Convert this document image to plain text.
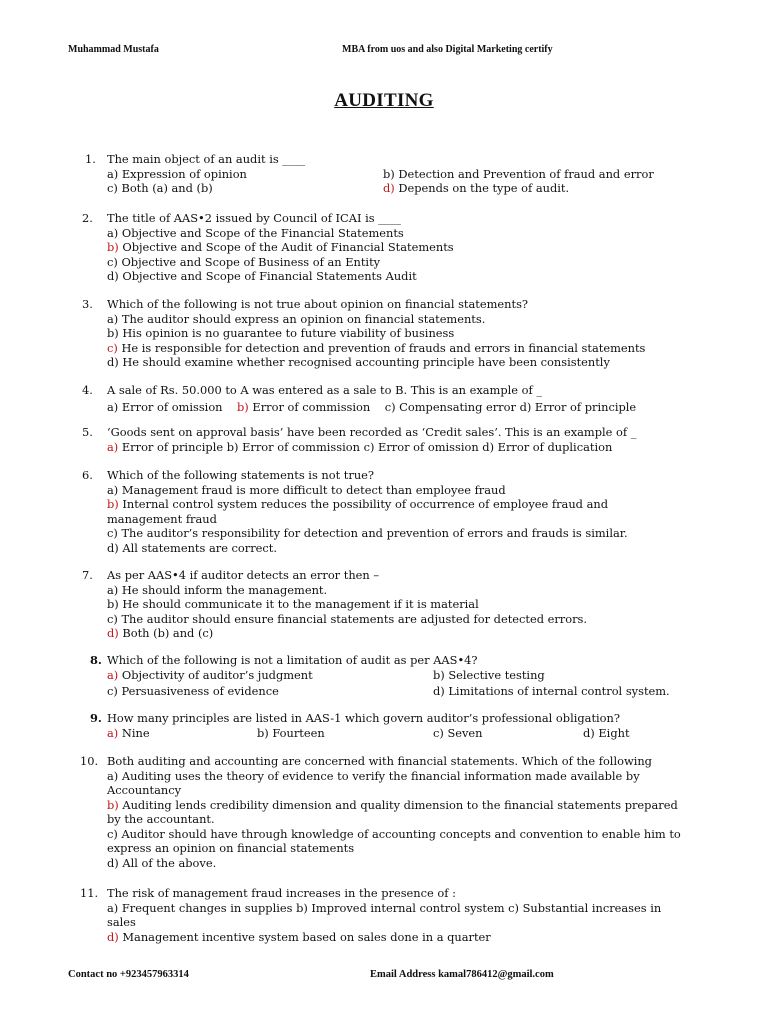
Muhammad Mustafa	MBA from uos and also Digital Marketing certify
AUDITING
1. The main object of an audit is ____
a) Expression of opinion	b) Detection and Prevention of fraud and error
c) Both (a) and (b)	d) Depends on the type of audit.
2. The title of AAS•2 issued by Council of ICAI is ____
a) Objective and Scope of the Financial Statements
b) Objective and Scope of the Audit of Financial Statements
c) Objective and Scope of Business of an Entity
d) Objective and Scope of Financial Statements Audit
3. Which of the following is not true about opinion on financial statements?
a) The auditor should express an opinion on financial statements.
b) His opinion is no guarantee to future viability of business
c) He is responsible for detection and prevention of frauds and errors in financial statements
d) He should examine whether recognised accounting principle have been consistently
4. A sale of Rs. 50.000 to A was entered as a sale to B. This is an example of _
a) Error of omission b) Error of commission c) Compensating error d) Error of principle
5. ‘Goods sent on approval basis’ have been recorded as ‘Credit sales’. This is an example of _
a) Error of principle b) Error of commission c) Error of omission d) Error of duplication
6. Which of the following statements is not true?
a) Management fraud is more difficult to detect than employee fraud
b) Internal control system reduces the possibility of occurrence of employee fraud and management fraud
c) The auditor’s responsibility for detection and prevention of errors and frauds is similar.
d) All statements are correct.
7. As per AAS•4 if auditor detects an error then –
a) He should inform the management.
b) He should communicate it to the management if it is material
c) The auditor should ensure financial statements are adjusted for detected errors.
d) Both (b) and (c)
8. Which of the following is not a limitation of audit as per AAS•4?
a) Objectivity of auditor’s judgment	b) Selective testing
c) Persuasiveness of evidence	d) Limitations of internal control system.
9. How many principles are listed in AAS-1 which govern auditor’s professional obligation?
a) Nine	b) Fourteen	c) Seven	d) Eight
10. Both auditing and accounting are concerned with financial statements. Which of the following
a) Auditing uses the theory of evidence to verify the financial information made available by Accountancy
b) Auditing lends credibility dimension and quality dimension to the financial statements prepared by the accountant.
c) Auditor should have through knowledge of accounting concepts and convention to enable him to express an opinion on financial statements
d) All of the above.
11. The risk of management fraud increases in the presence of :
a) Frequent changes in supplies b) Improved internal control system c) Substantial increases in sales
d) Management incentive system based on sales done in a quarter
Contact no +923457963314	Email Address kamal786412@gmail.com
